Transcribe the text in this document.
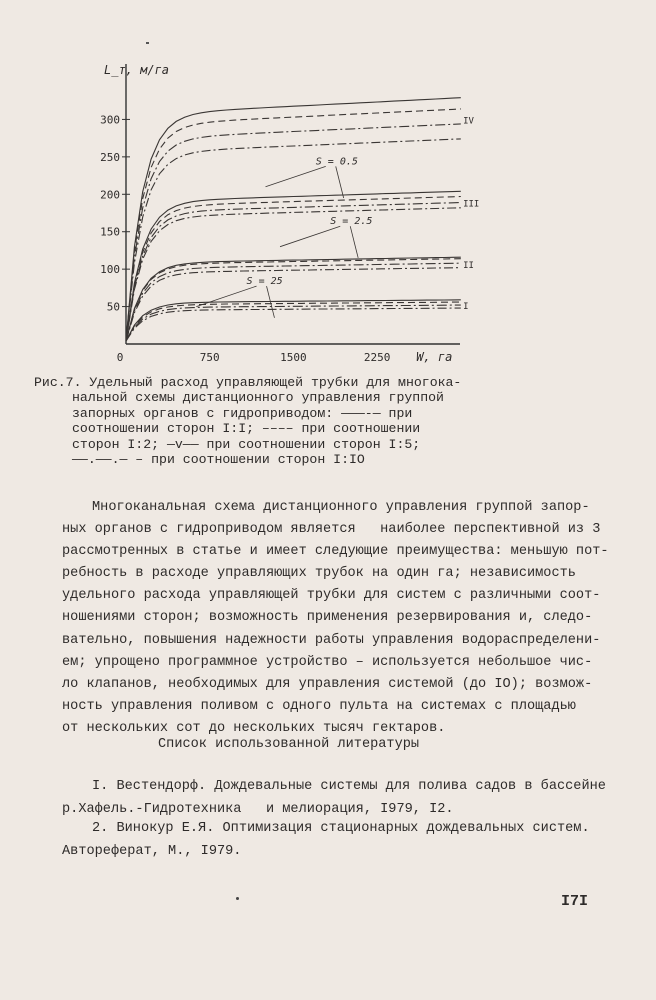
50
100
150
200
250
300
0	750	1500	2250
L_т, м/га
W, га
I
II
III
IV
S = 0.5
S = 2.5
S = 25
Рис.7. Удельный расход управляющей трубки для многока-
нальной схемы дистанционного управления группой
запорных органов с гидроприводом: ———-— при
соотношении сторон I:I; –––– при соотношении
сторон I:2; —v—— при соотношении сторон I:5;
——.——.— – при соотношении сторон I:IO
Многоканальная схема дистанционного управления группой запор-
ных органов с гидроприводом является   наиболее перспективной из 3
рассмотренных в статье и имеет следующие преимущества: меньшую пот-
ребность в расходе управляющих трубок на один га; независимость
удельного расхода управляющей трубки для систем с различными соот-
ношениями сторон; возможность применения резервирования и, следо-
вательно, повышения надежности работы управления водораспределени-
ем; упрощено программное устройство – используется небольшое чис-
ло клапанов, необходимых для управления системой (до IO); возмож-
ность управления поливом с одного пульта на системах с площадью
от нескольких сот до нескольких тысяч гектаров.
Список использованной литературы
I. Вестендорф. Дождевальные системы для полива садов в бассейне
р.Хафель.-Гидротехника   и мелиорация, I979, I2.
2. Винокур Е.Я. Оптимизация стационарных дождевальных систем.
Автореферат, М., I979.
I7I
